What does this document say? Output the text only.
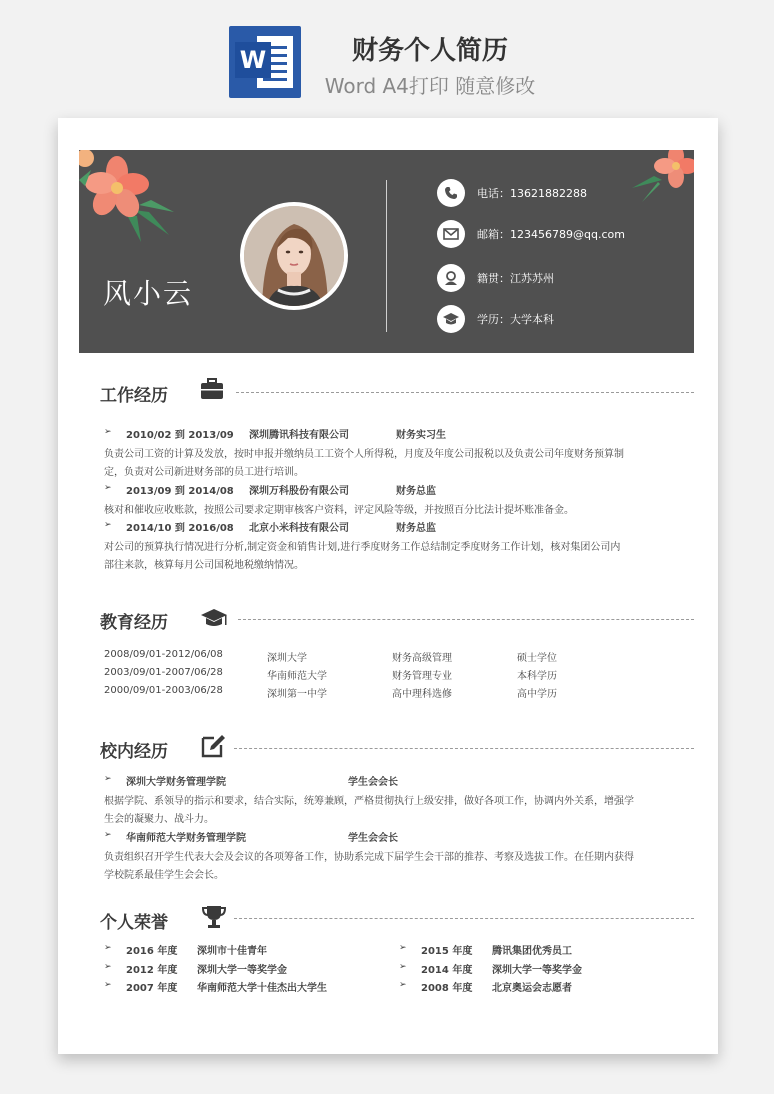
W	财务个人简历
Word A4打印 随意修改
风小云
电话：13621882288
邮箱：123456789@qq.com
籍贯：江苏苏州
学历：大学本科
工作经历
➢ 2010/02 到 2013/09 深圳腾讯科技有限公司	财务实习生
负责公司工资的计算及发放，按时申报并缴纳员工工资个人所得税，月度及年度公司报税以及负责公司年度财务预算制
定，负责对公司新进财务部的员工进行培训。
➢ 2013/09 到 2014/08 深圳万科股份有限公司	财务总监
核对和催收应收账款，按照公司要求定期审核客户资料，评定风险等级，并按照百分比法计提坏账准备金。
➢ 2014/10 到 2016/08 北京小米科技有限公司	财务总监
对公司的预算执行情况进行分析,制定资金和销售计划,进行季度财务工作总结制定季度财务工作计划，核对集团公司内
部往来款，核算每月公司国税地税缴纳情况。
教育经历
2008/09/01-2012/06/08	深圳大学	财务高级管理	硕士学位
2003/09/01-2007/06/28	华南师范大学	财务管理专业	本科学历
2000/09/01-2003/06/28	深圳第一中学	高中理科选修	高中学历
校内经历
➢ 深圳大学财务管理学院	学生会会长
根据学院、系领导的指示和要求，结合实际，统筹兼顾，严格贯彻执行上级安排，做好各项工作，协调内外关系，增强学
生会的凝聚力、战斗力。
➢ 华南师范大学财务管理学院	学生会会长
负责组织召开学生代表大会及会议的各项筹备工作，协助系完成下届学生会干部的推荐、考察及选拔工作。在任期内获得
学校院系最佳学生会会长。
个人荣誉
➢ 2016 年度 深圳市十佳青年
➢ 2012 年度 深圳大学一等奖学金
➢ 2007 年度 华南师范大学十佳杰出大学生
➢ 2015 年度 腾讯集团优秀员工
➢ 2014 年度 深圳大学一等奖学金
➢ 2008 年度 北京奥运会志愿者
